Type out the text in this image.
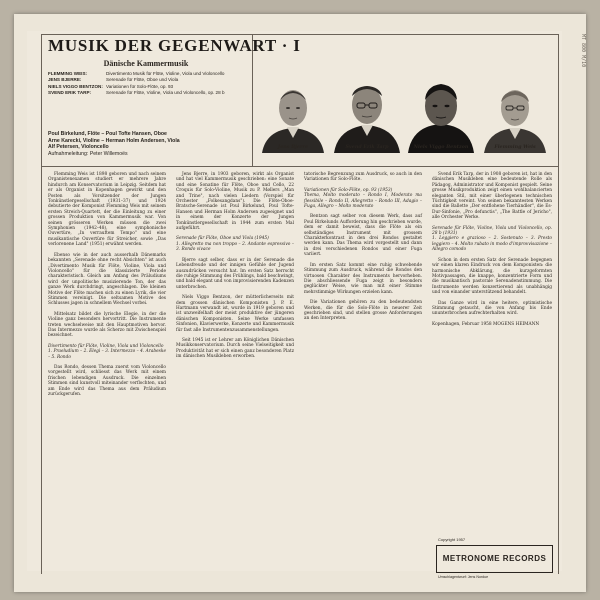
MUSIK DER GEGENWART · I	MT 800 M/10
Dänische Kammermusik
FLEMMING WEIS:	Divertimento Musik für Flöte, Violine, Viola und Violoncello
JENS BJERRE:	Serenade für Flöte, Oboe und Viola
NIELS VIGGO BENTZON: Variationen für Solo-Flöte, op. 93
SVEND ERIK TARP:	Serenade für Flöte, Violine, Viola und Violoncello, op. 28 b
Poul Birkelund, Flöte – Poul Tofte Hansen, Oboe
Arne Karecki, Violine – Herman Holm Andersen, Viola
Alf Petersen, Violoncello
Aufnahmeleitung: Peter Willemoës
Jens Bjerre	Svend Erik Tarp	Niels Viggo Bentzon	Flemming Weis

Flemming Weis ist 1898 geboren und nach seinem Organistenexamen studiert er mehrere Jahre hindurch am Konservatorium in Leipzig. Seitdem hat er als Organist in Kopenhagen gewirkt und den Posten als Vorsitzender der Jungen Tonkünstlergesellschaft (1931–37) und 1924 debutierte der Komponist Flemming Weis mit seinem ersten Streich-Quartett, der die Einleitung zu einer grossen Produktion von Kammermusik war. Von seinen grösseren Werken müssen die zwei Symphonien (1942–48), eine symphonische Ouvertüre, „In verrauftem Tempo" und eine musikantische Ouvertüre für Streicher, sowie „Das verlorenene Land" (1951) erwähnt werden.

Ebenso wie in der auch ausserhalb Dänemarks bekannten „Serenade ohne recht Absichten" ist auch „Divertimento Musik für Flöte, Violine, Viola und Violoncello" für die klassizierte Periode charakteristisch. Gleich am Anfang des Präludiums wird der unpolitische musizierende Ton, der das ganze Werk durchdringt, angeschlagen. Die kleinen Motive der Flöte machen sich zu einen Lyrik, die vier Stimmen vereinigt. Die seltsamen Motive des Schlusses jagen in schnellem Wechsel vorbei.

Mittelsatz bildet die lyrische Elegie, in der die Violine ganz besonders hervortritt. Die Instrumente treten wechselweise mit den Hauptmotiven hervor. Das Intermezzo wurde als Scherzo mit Zwischenspiel bezeichnet.

Divertimento für Flöte, Violine, Viola und Violoncello

1. Praeludium – 2. Elegi – 3. Intermezzo – 4. Arabeske – 5. Rondo

Das Rondo, dessen Thema zuerst vom Violoncello vorgestellt wird, schliesst das Werk mit einem frischen lebendigen Ausdruck. Die einzelnen Stimmen sind kunstvoll miteinander verflochten, und am Ende wird das Thema aus dem Präludium zurückgerufen.

Jens Bjerre, in 1903 geboren, wirkt als Organist und hat viel Kammermusik geschrieben: eine Sonate und eine Sonatine für Flöte, Oboe und Cello, 22 Croquis für Solo-Violine, Musik zu P. Møllers „Man and Trine", nach vielen Liedern (Vorspiel für Orchester „Folkesangdans"). Die Flöte-Oboe-Bratsche-Serenade ist Poul Birkelund, Poul Tofte-Hansen und Herman Holm Andersen zugeeignet und in einem der Konzerte der Jungen Tonkünstlergesellschaft in 1944 zum ersten Mal aufgeführt.

Serenade für Flöte, Oboe und Viola (1945)

1. Allegretto ma non troppo – 2. Andante espressivo – 3. Rondo vivace

Bjerre sagt selber, dass er in der Serenade die Lebensfreude und der innigen Gefühle der Jugend auszudrücken versucht hat. Im ersten Satz herrscht die ruhige Stimmung des Frühlings, bald beschwingt, und bald elegant und von improvisierenden Kadenzen unterbrochen.

Niels Viggo Bentzon, der mütterlicherseits mit dem grossen dänischen Komponisten J. P. E. Hartmann verwandt ist, wurde in 1919 geboren und ist unzweifelhaft der meist produktive der jüngeren dänischen Komponisten. Seine Werke umfassen Sinfonien, Klavierwerke, Konzerte und Kammermusik für fast alle Instrumentenzusammenstellungen.

Seit 1945 ist er Lehrer am Königlichen Dänischen Musikkonservatorium. Durch seine Vielseitigkeit und Produktivität hat er sich einen ganz besonderen Platz im dänischen Musikleben erworben.

tatorische Begrenzung zum Ausdruck, so auch in den Variationen für Solo-Flöte.

Variationen für Solo-Flöte, op. 93 (1953)

Thema, Molto moderato – Rondo I, Moderato ma flessibile – Rondo II, Allegretto – Rondo III, Adagio – Fuga, Allegro – Molto moderato

Bentzon sagt selber von diesem Werk, dass auf Poul Birkelunds Aufforderung hin geschrieben wurde, dem er damit beweist, dass die Flöte als ein selbständiges Instrument mit grossem Charakterkontrast in den drei Rondos gestaltet werden kann. Das Thema wird vorgestellt und dann in drei verschiedenen Rondos und einer Fuga variiert.

Im ersten Satz kommt eine ruhig schwebende Stimmung zum Ausdruck, während die Rondos den virtuosen Charakter des Instruments hervorheben. Die abschliessende Fuga zeigt in besonders geglückter Weise, wie man mit einer Stimme mehrstimmige Wirkungen erzielen kann.

Die Variationen gehören zu den bedeutendsten Werken, die für die Solo-Flöte in neuerer Zeit geschrieben sind, und stellen grosse Anforderungen an den Interpreten.

Svend Erik Tarp, der in 1908 geboren ist, hat in den dänischen Musikleben eine bedeutende Rolle als Pädagog, Administrator und Komponist gespielt. Seine grosse Musikproduktion zeigt einen wohlbalancierten eleganten Stil, mit einer überlegenen technischen Tüchtigkeit vereint. Von seinen bekanntesten Werken sind die Ballette „Der entflohene Tierhändler", die Es-Dur-Sinfonie, „Pro defunctis", „The Battle of Jericho", alle Orchester Werke.

Serenade für Flöte, Violine, Viola und Violoncello, op. 28 b (1931)

1. Leggiero e grazioso – 2. Sostenuto – 3. Presto leggiero – 4. Molto rubato in modo d'improvvisazione – Allegro comodo

Schon in dem ersten Satz der Serenade begegnen wir einen klaren Eindruck von dem Komponisten: die harmonische Abklärung, die kurzgeformten Motivpassagen, die knappe, konzentrierte Form und die musikantisch pastorale Serenadenstimmung. Die Instrumente werden konzertierend als unabhängig und von einander unterstützend behandelt.

Das Ganze wird in eine heitere, optimistische Stimmung getaucht, die von Anfang bis Ende ununterbrochen aufrechterhalten wird.

Kopenhagen, Februar 1958 MOGENS HEIMANN

Copyright 1957
METRONOME RECORDS
Umschlagentwurf: Jens Nordue
